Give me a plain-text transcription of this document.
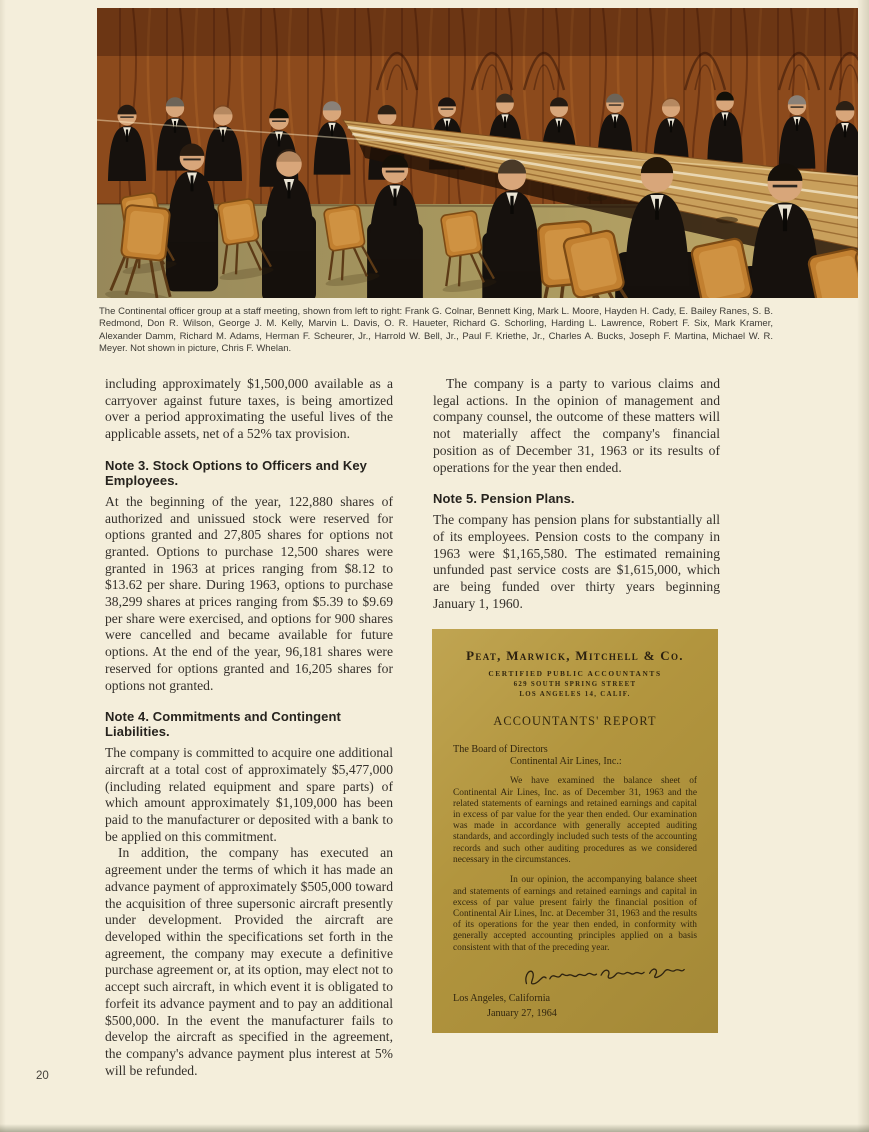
The Continental officer group at a staff meeting, shown from left to right: Frank G. Colnar, Bennett King, Mark L. Moore, Hayden H. Cady, E. Bailey Ranes, S. B. Redmond, Don R. Wilson, George J. M. Kelly, Marvin L. Davis, O. R. Haueter, Richard G. Schorling, Harding L. Lawrence, Robert F. Six, Mark Kramer, Alexander Damm, Richard M. Adams, Herman F. Scheurer, Jr., Harrold W. Bell, Jr., Paul F. Kriethe, Jr., Charles A. Bucks, Joseph F. Martina, Michael W. R. Meyer. Not shown in picture, Chris F. Whelan.

including approximately $1,500,000 available as a carryover against future taxes, is being amortized over a period approximating the useful lives of the applicable assets, net of a 52% tax provision.

Note 3. Stock Options to Officers and Key Employees.

At the beginning of the year, 122,880 shares of authorized and unissued stock were reserved for options granted and 27,805 shares for options not granted. Options to purchase 12,500 shares were granted in 1963 at prices ranging from $8.12 to $13.62 per share. During 1963, options to purchase 38,299 shares at prices ranging from $5.39 to $9.69 per share were exercised, and options for 900 shares were cancelled and became available for future options. At the end of the year, 96,181 shares were reserved for options granted and 16,205 shares for options not granted.

Note 4. Commitments and Contingent Liabilities.

The company is committed to acquire one additional aircraft at a total cost of approximately $5,477,000 (including related equipment and spare parts) of which amount approximately $1,109,000 has been paid to the manufacturer or deposited with a bank to be applied on this commitment.

In addition, the company has executed an agreement under the terms of which it has made an advance payment of approximately $505,000 toward the acquisition of three supersonic aircraft presently under development. Provided the aircraft are developed within the specifications set forth in the agreement, the company may execute a definitive purchase agreement or, at its option, may elect not to accept such aircraft, in which event it is obligated to forfeit its advance payment and to pay an additional $500,000. In the event the manufacturer fails to develop the aircraft as specified in the agreement, the company's advance payment plus interest at 5% will be refunded.

The company is a party to various claims and legal actions. In the opinion of management and company counsel, the outcome of these matters will not materially affect the company's financial position as of December 31, 1963 or its results of operations for the year then ended.

Note 5. Pension Plans.

The company has pension plans for substantially all of its employees. Pension costs to the company in 1963 were $1,165,580. The estimated remaining unfunded past service costs are $1,615,000, which are being funded over thirty years beginning January 1, 1960.

Peat, Marwick, Mitchell & Co.
CERTIFIED PUBLIC ACCOUNTANTS
629 SOUTH SPRING STREET
LOS ANGELES 14, CALIF.
ACCOUNTANTS' REPORT
The Board of Directors
Continental Air Lines, Inc.:

We have examined the balance sheet of Continental Air Lines, Inc. as of December 31, 1963 and the related statements of earnings and retained earnings and capital in excess of par value for the year then ended. Our examination was made in accordance with generally accepted auditing standards, and accordingly included such tests of the accounting records and such other auditing procedures as we considered necessary in the circumstances.

In our opinion, the accompanying balance sheet and statements of earnings and retained earnings and capital in excess of par value present fairly the financial position of Continental Air Lines, Inc. at December 31, 1963 and the results of its operations for the year then ended, in conformity with generally accepted accounting principles applied on a basis consistent with that of the preceding year.

Los Angeles, California
January 27, 1964
20
